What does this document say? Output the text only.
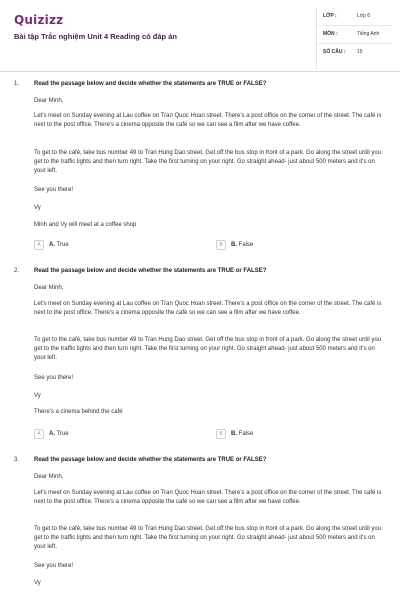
Quizizz
Bài tập Trắc nghiệm Unit 4 Reading có đáp án
LỚP :	Lớp 6
MÔN :	Tiếng Anh
SỐ CÂU : 15
1. Read the passage below and decide whether the statements are TRUE or FALSE?
Dear Minh,
Let's meet on Sunday evening at Lau coffee on Tran Quoc Hoan street. There's a post office on the corner of the street. The café is next to the post office. There's a cinema opposite the café so we can see a film after we have coffee.
To get to the café, take bus number 49 to Tran Hung Dao street. Get off the bus stop in front of a park. Go along the street until you get to the traffic lights and then turn right. Take the first turning on your right. Go straight ahead- just about 500 meters and it's on your left.
See you there!
Vy
Minh and Vy will meet at a coffee shop
A	A. True	B	B. False
2. Read the passage below and decide whether the statements are TRUE or FALSE?
Dear Minh,
Let's meet on Sunday evening at Lau coffee on Tran Quoc Hoan street. There's a post office on the corner of the street. The café is next to the post office. There's a cinema opposite the café so we can see a film after we have coffee.
To get to the café, take bus number 49 to Tran Hung Dao street. Get off the bus stop in front of a park. Go along the street until you get to the traffic lights and then turn right. Take the first turning on your right. Go straight ahead- just about 500 meters and it's on your left.
See you there!
Vy
There's a cinema behind the café
A	A. True	B	B. False
3. Read the passage below and decide whether the statements are TRUE or FALSE?
Dear Minh,
Let's meet on Sunday evening at Lau coffee on Tran Quoc Hoan street. There's a post office on the corner of the street. The café is next to the post office. There's a cinema opposite the café so we can see a film after we have coffee.
To get to the café, take bus number 49 to Tran Hung Dao street. Get off the bus stop in front of a park. Go along the street until you get to the traffic lights and then turn right. Take the first turning on your right. Go straight ahead- just about 500 meters and it's on your left.
See you there!
Vy
